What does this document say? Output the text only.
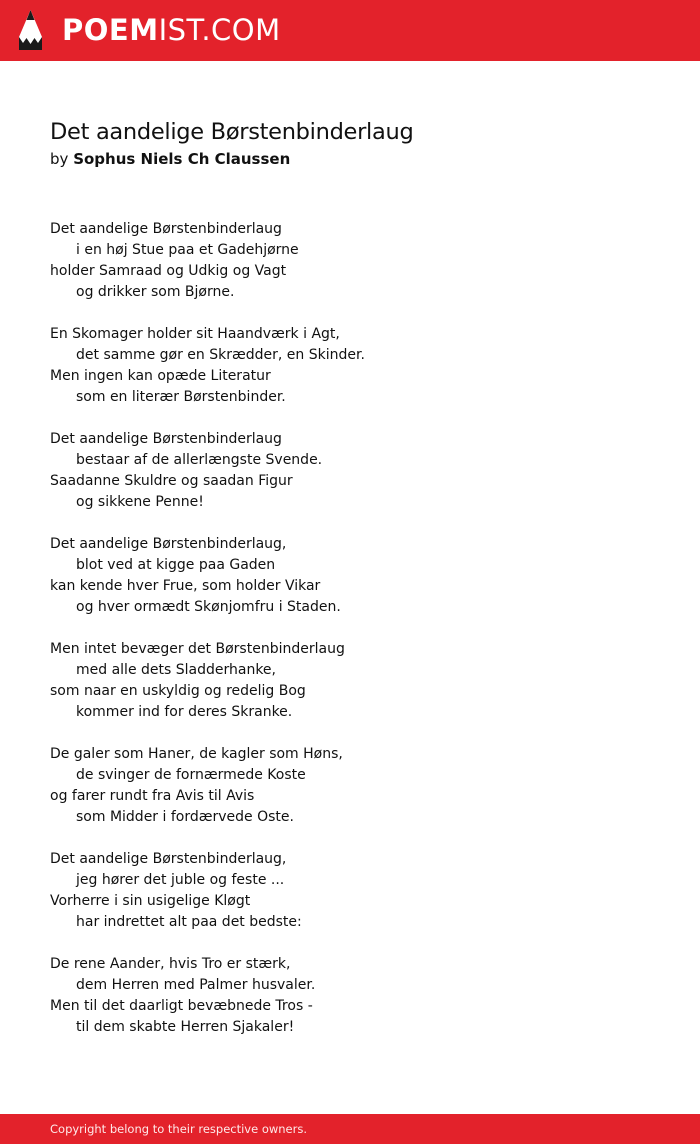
POEMIST.COM
Det aandelige Børstenbinderlaug
by Sophus Niels Ch Claussen
Det aandelige Børstenbinderlaug
i en høj Stue paa et Gadehjørne
holder Samraad og Udkig og Vagt
og drikker som Bjørne.
En Skomager holder sit Haandværk i Agt,
det samme gør en Skrædder, en Skinder.
Men ingen kan opæde Literatur
som en literær Børstenbinder.
Det aandelige Børstenbinderlaug
bestaar af de allerlængste Svende.
Saadanne Skuldre og saadan Figur
og sikkene Penne!
Det aandelige Børstenbinderlaug,
blot ved at kigge paa Gaden
kan kende hver Frue, som holder Vikar
og hver ormædt Skønjomfru i Staden.
Men intet bevæger det Børstenbinderlaug
med alle dets Sladderhanke,
som naar en uskyldig og redelig Bog
kommer ind for deres Skranke.
De galer som Haner, de kagler som Høns,
de svinger de fornærmede Koste
og farer rundt fra Avis til Avis
som Midder i fordærvede Oste.
Det aandelige Børstenbinderlaug,
jeg hører det juble og feste ...
Vorherre i sin usigelige Kløgt
har indrettet alt paa det bedste:
De rene Aander, hvis Tro er stærk,
dem Herren med Palmer husvaler.
Men til det daarligt bevæbnede Tros -
til dem skabte Herren Sjakaler!
Copyright belong to their respective owners.
